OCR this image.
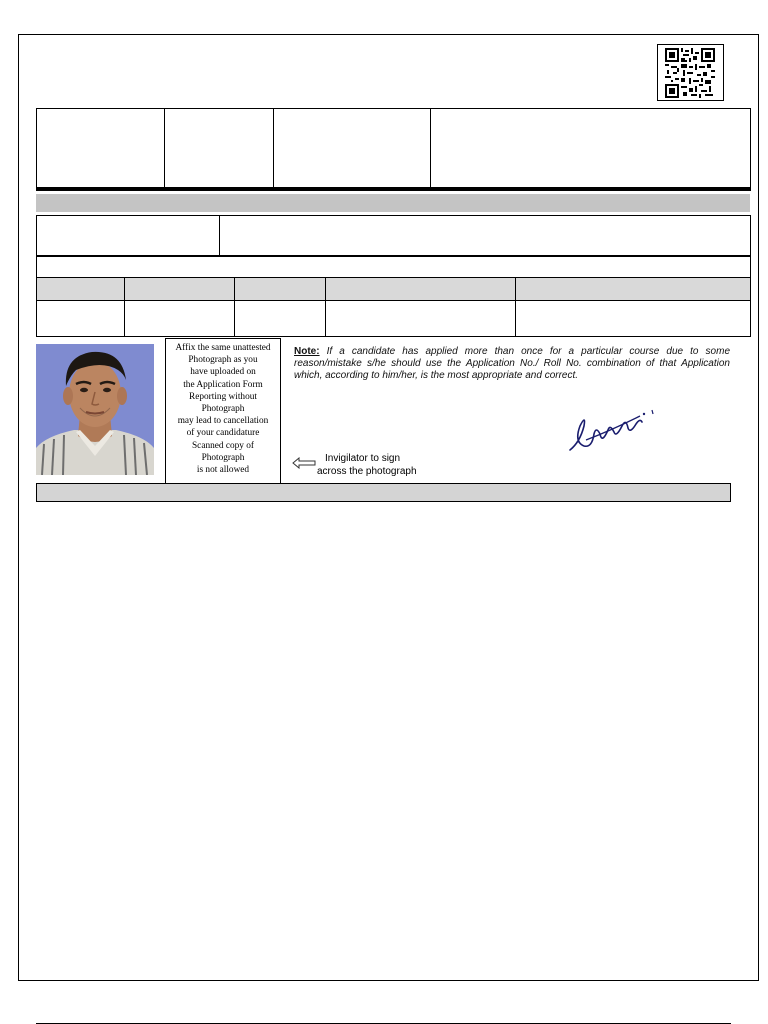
Affix the same unattested
Photograph as you
have uploaded on
the Application Form
Reporting without
Photograph
may lead to cancellation
of your candidature
Scanned copy of
Photograph
is not allowed
Note: If a candidate has applied more than once for a particular course due to some reason/mistake s/he should use the Application No./ Roll No. combination of that Application which, according to him/her, is the most appropriate and correct.
Invigilator to sign
across the photograph
